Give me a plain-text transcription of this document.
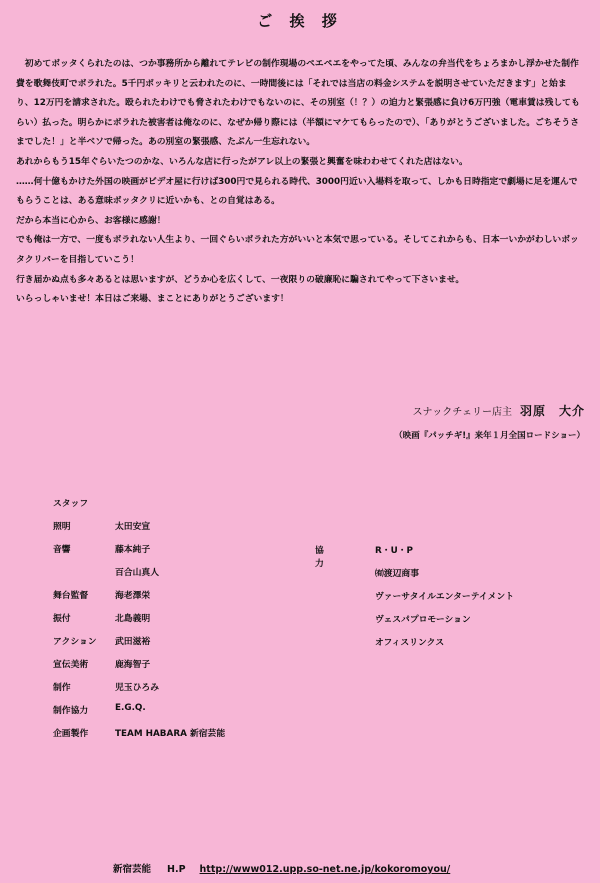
ご 挨 拶

　初めてボッタくられたのは、つか事務所から離れてテレビの制作現場のペエペエをやってた頃、みんなの弁当代をちょろまかし浮かせた制作費を歌舞伎町でボラれた。5千円ポッキリと云われたのに、一時間後には「それでは当店の料金システムを説明させていただきます」と始まり、12万円を請求された。殴られたわけでも脅されたわけでもないのに、その別室（！？）の迫力と緊張感に負け6万円強（電車賃は残してもらい）払った。明らかにボラれた被害者は俺なのに、なぜか帰り際には（半額にマケてもらったので）、「ありがとうございました。ごちそうさまでした！」と半ベソで帰った。あの別室の緊張感、たぶん一生忘れない。

あれからもう15年ぐらいたつのかな、いろんな店に行ったがアレ以上の緊張と興奮を味わわせてくれた店はない。

……何十億もかけた外国の映画がビデオ屋に行けば300円で見られる時代、3000円近い入場料を取って、しかも日時指定で劇場に足を運んでもらうことは、ある意味ボッタクリに近いかも、との自覚はある。

だから本当に心から、お客様に感謝！

でも俺は一方で、一度もボラれない人生より、一回ぐらいボラれた方がいいと本気で思っている。そしてこれからも、日本一いかがわしいボッタクリバーを目指していこう！

行き届かぬ点も多々あるとは思いますが、どうか心を広くして、一夜限りの破廉恥に騙されてやって下さいませ。

いらっしゃいませ！本日はご来場、まことにありがとうございます！

スナックチェリー店主 羽原　大介
（映画『パッチギ!』来年１月全国ロードショー）
スタッフ
照明	太田安宣
音響	藤本純子
百合山真人
舞台監督	海老澤栄
振付	北島義明
アクション	武田滋裕
宣伝美術	鹿海智子
制作	児玉ひろみ
制作協力	E.G.Q.
企画製作	TEAM HABARA 新宿芸能
協力
R・U・P
㈲渡辺商事
ヴァーサタイルエンターテイメント
ヴェスパプロモーション
オフィスリンクス
新宿芸能 H.P http://www012.upp.so-net.ne.jp/kokoromoyou/
